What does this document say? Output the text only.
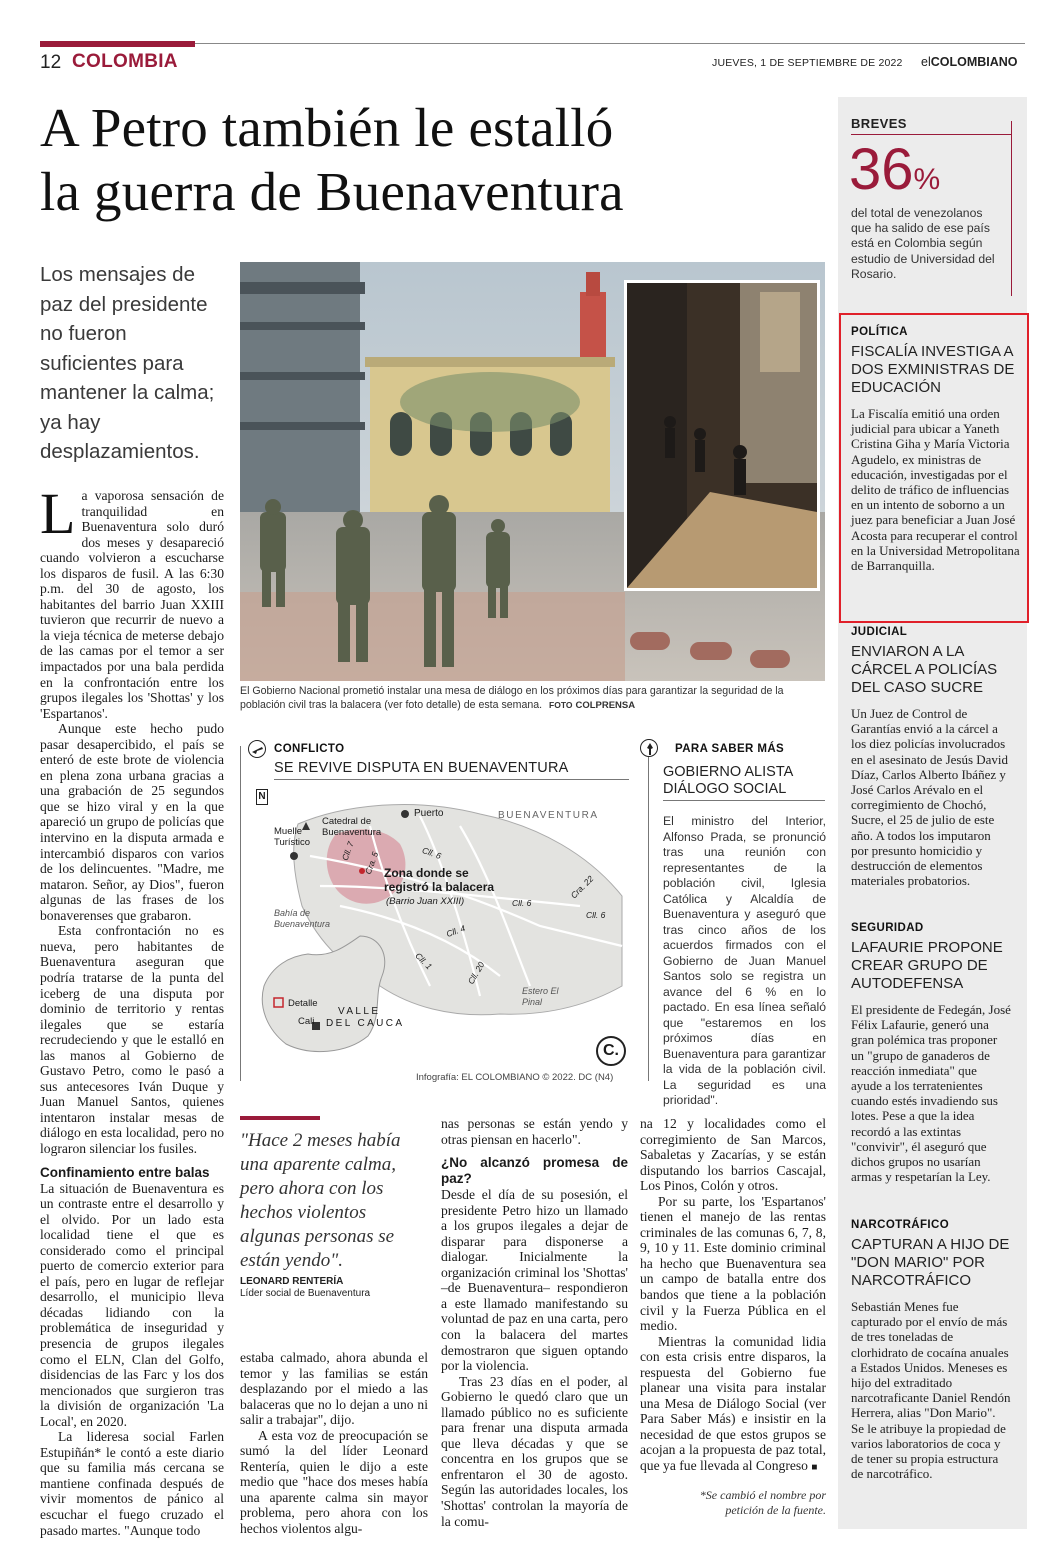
12 COLOMBIA	JUEVES, 1 DE SEPTIEMBRE DE 2022 elCOLOMBIANO
A Petro también le estalló
la guerra de Buenaventura
Los mensajes de paz del presidente no fueron suficientes para mantener la calma; ya hay desplazamientos.
El Gobierno Nacional prometió instalar una mesa de diálogo en los próximos días para garantizar la seguridad de la población civil tras la balacera (ver foto detalle) de esta semana. FOTO COLPRENSA

La vaporosa sensación de tranquilidad en Buenaventura solo duró dos meses y desapareció cuando volvieron a escucharse los disparos de fusil. A las 6:30 p.m. del 30 de agosto, los habitantes del barrio Juan XXIII tuvieron que recurrir de nuevo a la vieja técnica de meterse debajo de las camas por el temor a ser impactados por una bala perdida en la confrontación entre los grupos ilegales los 'Shottas' y los 'Espartanos'.

Aunque este hecho pudo pasar desapercibido, el país se enteró de este brote de violencia en plena zona urbana gracias a una grabación de 25 segundos que se hizo viral y en la que apareció un grupo de policías que intervino en la disputa armada e intercambió disparos con varios de los delincuentes. "Madre, me mataron. Señor, ay Dios", fueron algunas de las frases de los bonaverenses que grabaron.

Esta confrontación no es nueva, pero habitantes de Buenaventura aseguran que podría tratarse de la punta del iceberg de una disputa por dominio de territorio y rentas ilegales que se estaría recrudeciendo y que le estalló en las manos al Gobierno de Gustavo Petro, como le pasó a sus antecesores Iván Duque y Juan Manuel Santos, quienes intentaron instalar mesas de diálogo en esta localidad, pero no lograron silenciar los fusiles.

Confinamiento entre balas

La situación de Buenaventura es un contraste entre el desarrollo y el olvido. Por un lado esta localidad tiene el que es considerado como el principal puerto de comercio exterior para el país, pero en lugar de reflejar desarrollo, el municipio lleva décadas lidiando con la problemática de inseguridad y presencia de grupos ilegales como el ELN, Clan del Golfo, disidencias de las Farc y los dos mencionados que surgieron tras la división de organización 'La Local', en 2020.

La lideresa social Farlen Estupiñán* le contó a este diario que su familia más cercana se mantiene confinada después de vivir momentos de pánico al escuchar el fuego cruzado el pasado martes. "Aunque todo

CONFLICTO
SE REVIVE DISPUTA EN BUENAVENTURA
N
Puerto
Catedral de Buenaventura
Muelle Turístico
BUENAVENTURA
Zona donde se
registró la balacera
(Barrio Juan XXIII)
Bahía de Buenaventura
Estero El Pinal
Detalle
Cali
VALLE
DEL CAUCA
Cll. 7 Cra. 5	Cll. 6
Cll. 6
Cll. 6
Cra. 22
Cll. 4
Cll. 1	Cll. 20
C.
Infografía: EL COLOMBIANO © 2022. DC (N4)
PARA SABER MÁS
GOBIERNO ALISTA DIÁLOGO SOCIAL
El ministro del Interior, Alfonso Prada, se pronunció tras una reunión con representantes de la población civil, Iglesia Católica y Alcaldía de Buenaventura y aseguró que tras cinco años de los acuerdos firmados con el Gobierno de Juan Manuel Santos solo se registra un avance del 6 % en lo pactado. En esa línea señaló que "estaremos en los próximos días en Buenaventura para garantizar la vida de la población civil. La seguridad es una prioridad".
"Hace 2 meses había una aparente calma, pero ahora con los hechos violentos algunas personas se están yendo".
LEONARD RENTERÍA
Líder social de Buenaventura

estaba calmado, ahora abunda el temor y las familias se están desplazando por el miedo a las balaceras que no lo dejan a uno ni salir a trabajar", dijo.

A esta voz de preocupación se sumó la del líder Leonard Rentería, quien le dijo a este medio que "hace dos meses había una aparente calma sin mayor problema, pero ahora con los hechos violentos algu-

nas personas se están yendo y otras piensan en hacerlo".

¿No alcanzó promesa de paz?

Desde el día de su posesión, el presidente Petro hizo un llamado a los grupos ilegales a dejar de disparar para disponerse a dialogar. Inicialmente la organización criminal los 'Shottas' –de Buenaventura– respondieron a este llamado manifestando su voluntad de paz en una carta, pero con la balacera del martes demostraron que siguen optando por la violencia.

Tras 23 días en el poder, al Gobierno le quedó claro que un llamado público no es suficiente para frenar una disputa armada que lleva décadas y que se concentra en los grupos que se enfrentaron el 30 de agosto. Según las autoridades locales, los 'Shottas' controlan la mayoría de la comu-

na 12 y localidades como el corregimiento de San Marcos, Sabaletas y Zacarías, y se están disputando los barrios Cascajal, Los Pinos, Colón y otros.

Por su parte, los 'Espartanos' tienen el manejo de las rentas criminales de las comunas 6, 7, 8, 9, 10 y 11. Este dominio criminal ha hecho que Buenaventura sea un campo de batalla entre dos bandos que tiene a la población civil y la Fuerza Pública en el medio.

Mientras la comunidad lidia con esta crisis entre disparos, la respuesta del Gobierno fue planear una visita para instalar una Mesa de Diálogo Social (ver Para Saber Más) e insistir en la necesidad de que estos grupos se acojan a la propuesta de paz total, que ya fue llevada al Congreso ■

*Se cambió el nombre por petición de la fuente.
BREVES
36%
del total de venezolanos que ha salido de ese país está en Colombia según estudio de Universidad del Rosario.
POLÍTICA
FISCALÍA INVESTIGA A DOS EXMINISTRAS DE EDUCACIÓN
La Fiscalía emitió una orden judicial para ubicar a Yaneth Cristina Giha y María Victoria Agudelo, ex ministras de educación, investigadas por el delito de tráfico de influencias en un intento de soborno a un juez para beneficiar a Juan José Acosta para recuperar el control en la Universidad Metropolitana de Barranquilla.
JUDICIAL
ENVIARON A LA CÁRCEL A POLICÍAS DEL CASO SUCRE
Un Juez de Control de Garantías envió a la cárcel a los diez policías involucrados en el asesinato de Jesús David Díaz, Carlos Alberto Ibáñez y José Carlos Arévalo en el corregimiento de Chochó, Sucre, el 25 de julio de este año. A todos los imputaron por presunto homicidio y destrucción de elementos materiales probatorios.
SEGURIDAD
LAFAURIE PROPONE CREAR GRUPO DE AUTODEFENSA
El presidente de Fedegán, José Félix Lafaurie, generó una gran polémica tras proponer un "grupo de ganaderos de reacción inmediata" que ayude a los terratenientes cuando estés invadiendo sus lotes. Pese a que la idea recordó a las extintas "convivir", él aseguró que dichos grupos no usarían armas y respetarían la Ley.
NARCOTRÁFICO
CAPTURAN A HIJO DE "DON MARIO" POR NARCOTRÁFICO
Sebastián Menes fue capturado por el envío de más de tres toneladas de clorhidrato de cocaína anuales a Estados Unidos. Meneses es hijo del extraditado narcotraficante Daniel Rendón Herrera, alias "Don Mario". Se le atribuye la propiedad de varios laboratorios de coca y de tener su propia estructura de narcotráfico.
